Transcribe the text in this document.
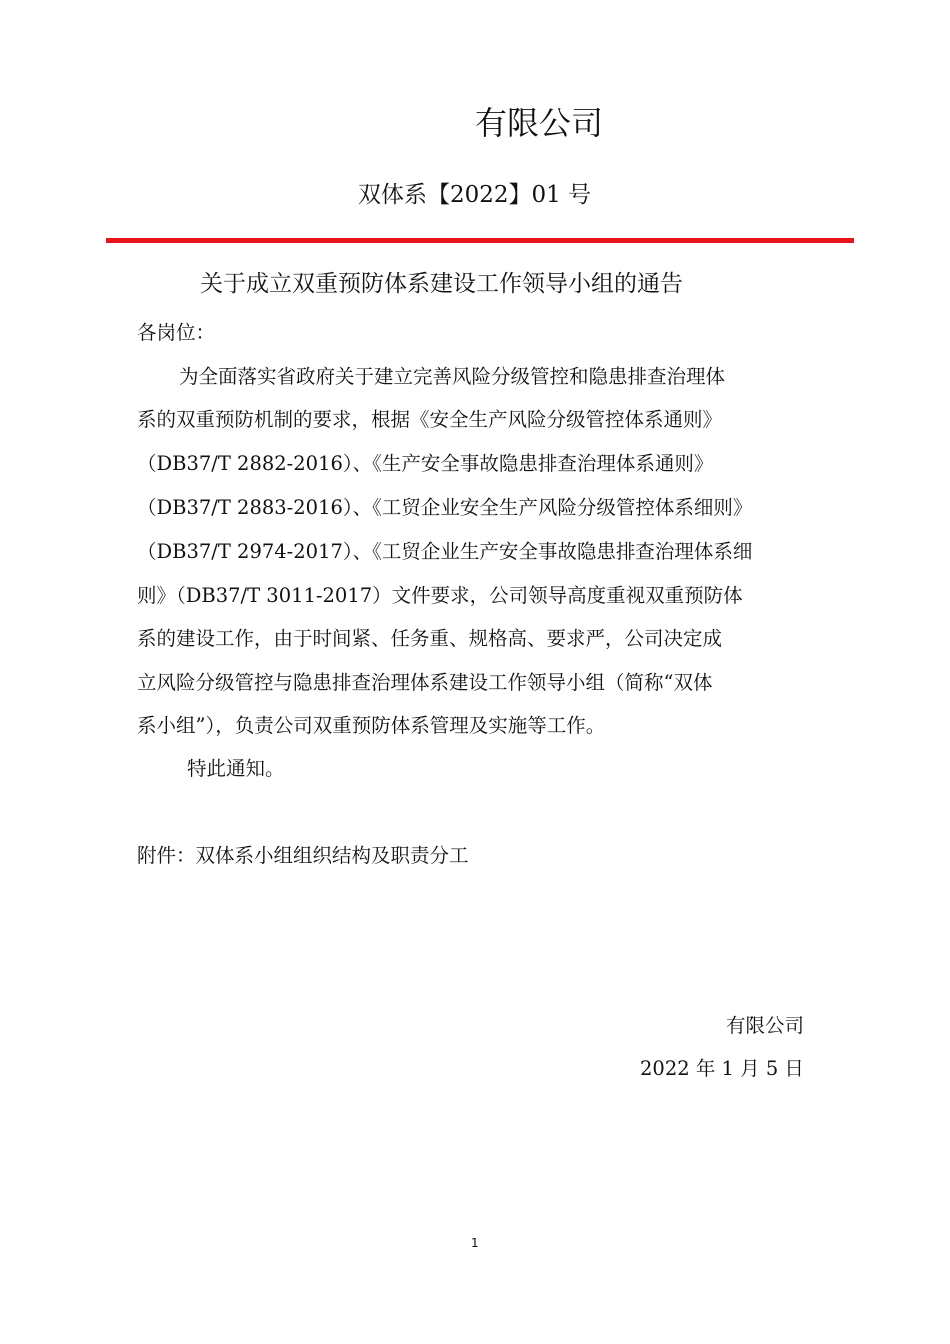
有限公司
双体系【2022】01 号
关于成立双重预防体系建设工作领导小组的通告
各岗位：
为全面落实省政府关于建立完善风险分级管控和隐患排查治理体
系的双重预防机制的要求，根据《安全生产风险分级管控体系通则》
（DB37/T 2882-2016）、《生产安全事故隐患排查治理体系通则》
（DB37/T 2883-2016）、《工贸企业安全生产风险分级管控体系细则》
（DB37/T 2974-2017）、《工贸企业生产安全事故隐患排查治理体系细
则》（DB37/T 3011-2017）文件要求，公司领导高度重视双重预防体
系的建设工作，由于时间紧、任务重、规格高、要求严，公司决定成
立风险分级管控与隐患排查治理体系建设工作领导小组（简称“双体
系小组”），负责公司双重预防体系管理及实施等工作。
特此通知。
附件：双体系小组组织结构及职责分工
有限公司
2022 年 1 月 5 日
1
